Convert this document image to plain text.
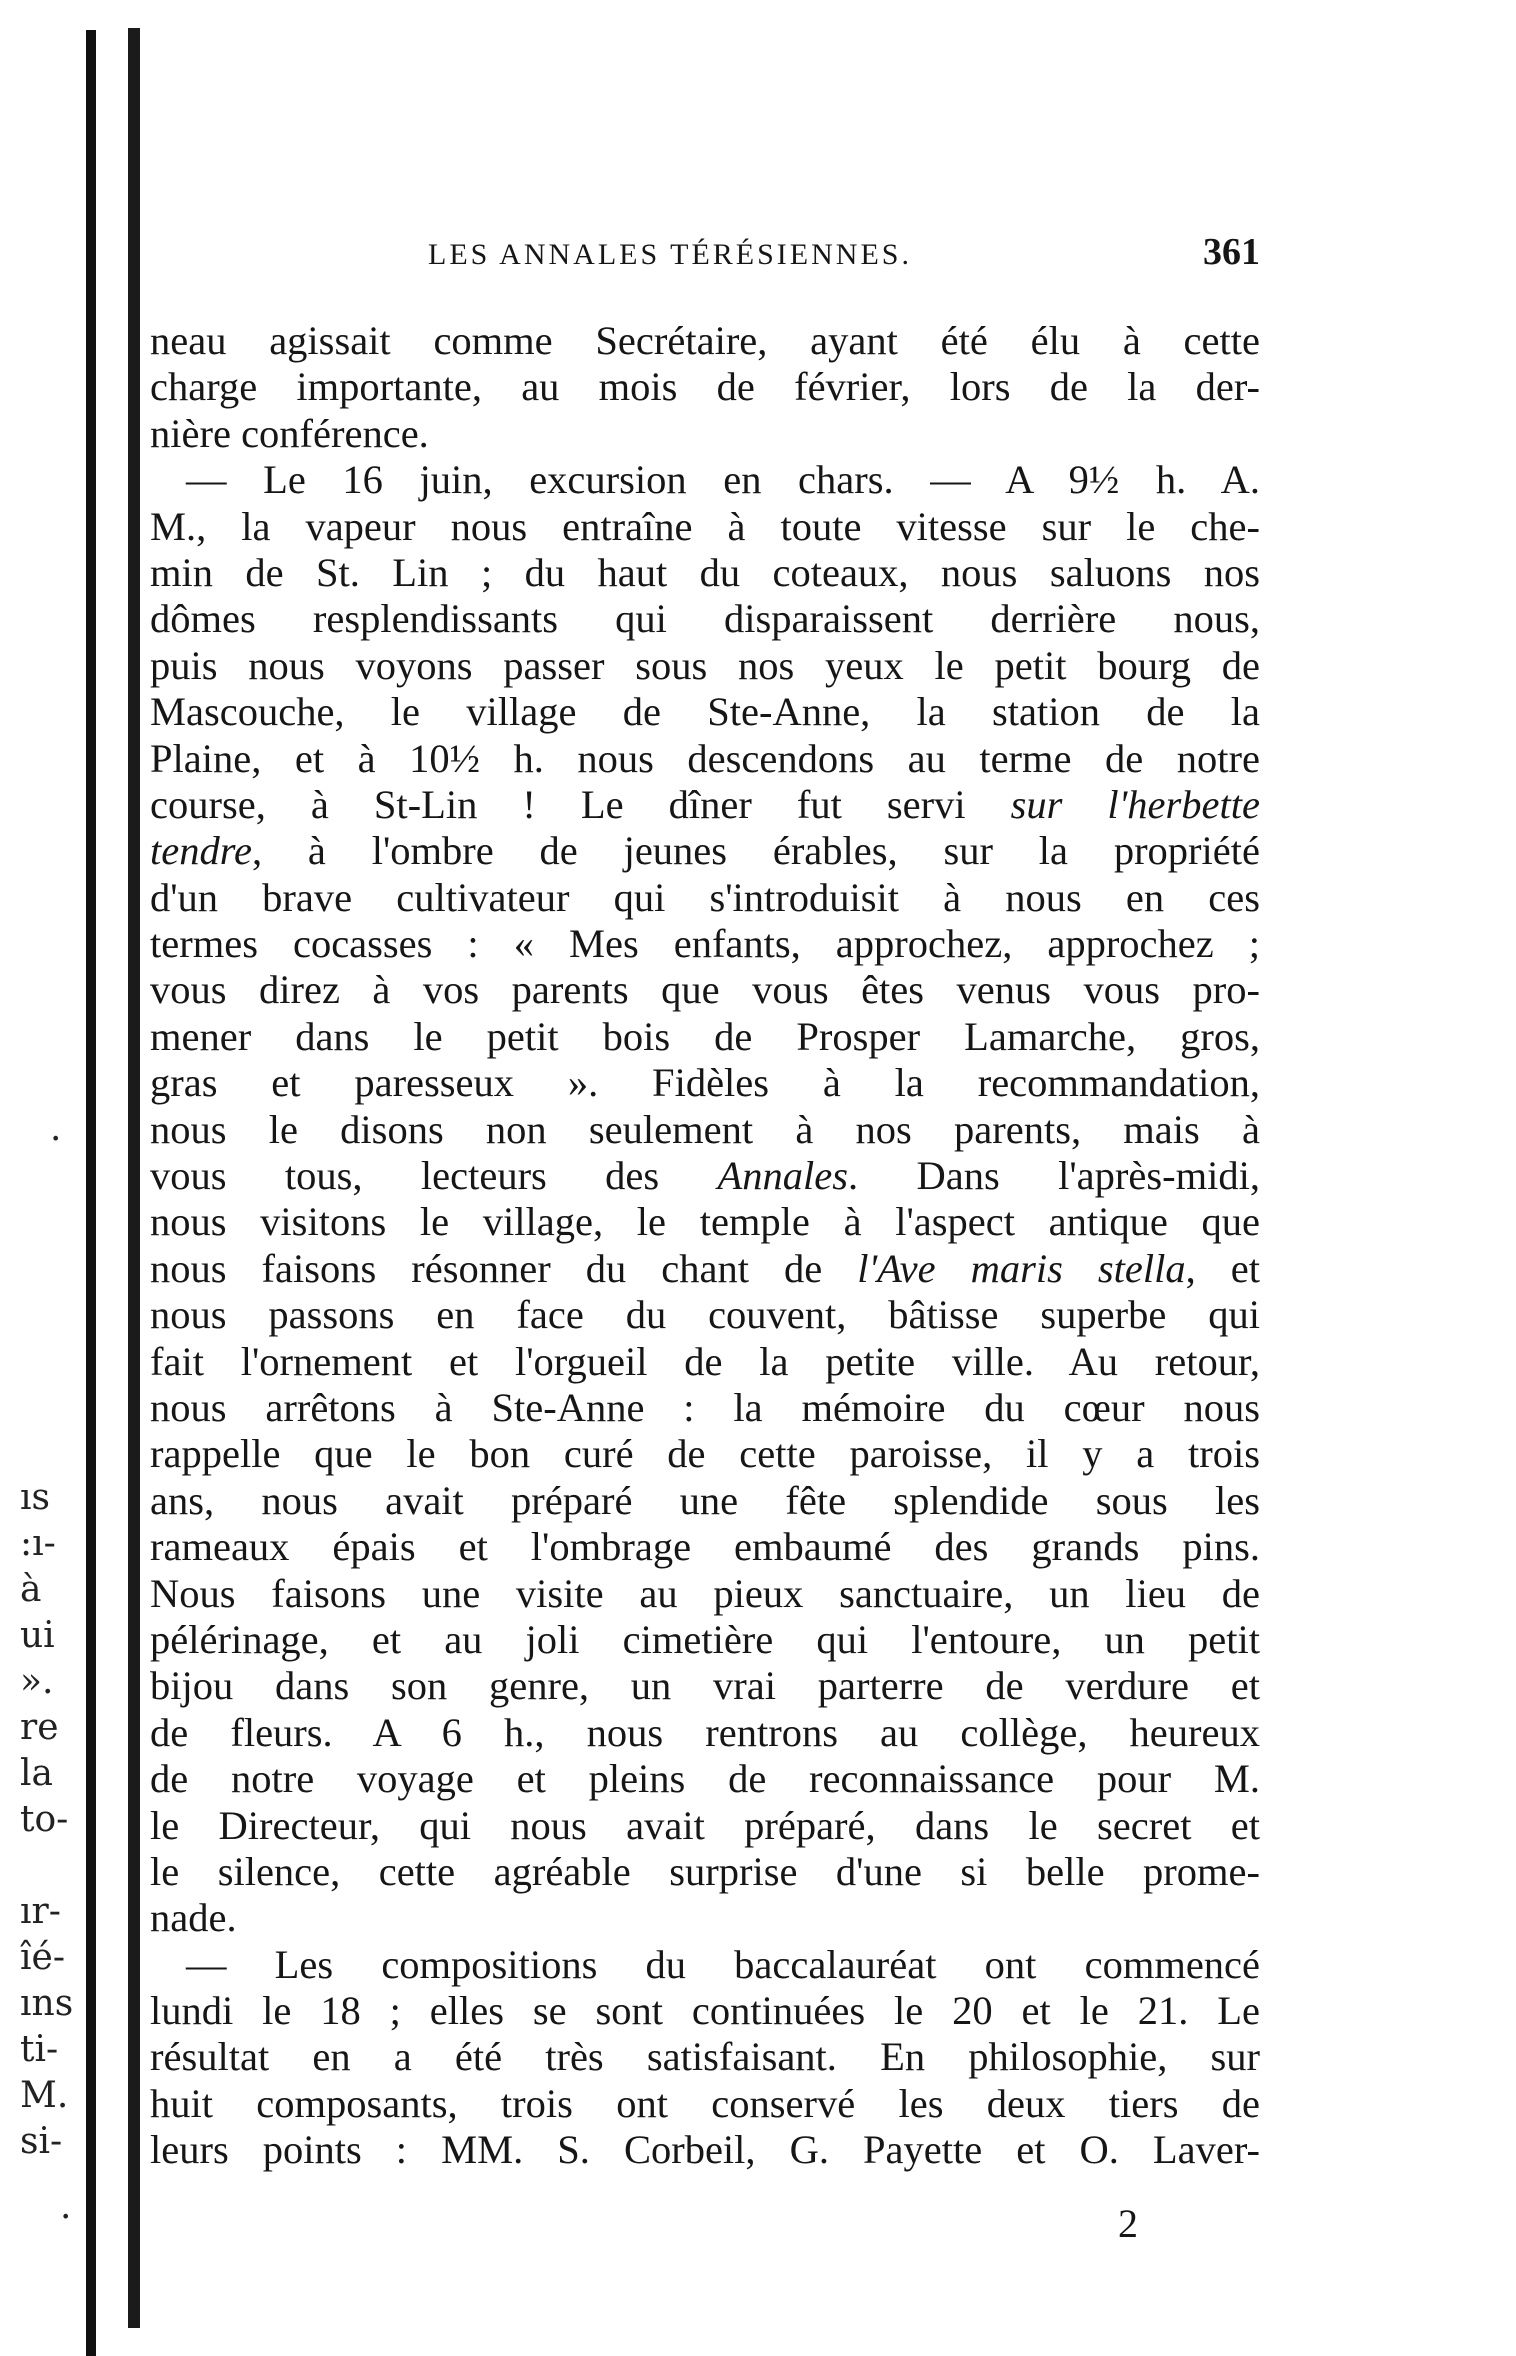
ıs
:ı-
à
ui
».
re
la
to-
ır-
îé-
ıns
ti-
M.
si-
·
·
LES ANNALES TÉRÉSIENNES.	361
neau agissait comme Secrétaire, ayant été élu à cette
charge importante, au mois de février, lors de la der-
nière conférence.
— Le 16 juin, excursion en chars. — A 9½ h. A.
M., la vapeur nous entraîne à toute vitesse sur le che-
min de St. Lin ; du haut du coteaux, nous saluons nos
dômes resplendissants qui disparaissent derrière nous,
puis nous voyons passer sous nos yeux le petit bourg de
Mascouche, le village de Ste-Anne, la station de la
Plaine, et à 10½ h. nous descendons au terme de notre
course, à St-Lin ! Le dîner fut servi sur l'herbette
tendre, à l'ombre de jeunes érables, sur la propriété
d'un brave cultivateur qui s'introduisit à nous en ces
termes cocasses : « Mes enfants, approchez, approchez ;
vous direz à vos parents que vous êtes venus vous pro-
mener dans le petit bois de Prosper Lamarche, gros,
gras et paresseux ». Fidèles à la recommandation,
nous le disons non seulement à nos parents, mais à
vous tous, lecteurs des Annales. Dans l'après-midi,
nous visitons le village, le temple à l'aspect antique que
nous faisons résonner du chant de l'Ave maris stella, et
nous passons en face du couvent, bâtisse superbe qui
fait l'ornement et l'orgueil de la petite ville. Au retour,
nous arrêtons à Ste-Anne : la mémoire du cœur nous
rappelle que le bon curé de cette paroisse, il y a trois
ans, nous avait préparé une fête splendide sous les
rameaux épais et l'ombrage embaumé des grands pins.
Nous faisons une visite au pieux sanctuaire, un lieu de
pélérinage, et au joli cimetière qui l'entoure, un petit
bijou dans son genre, un vrai parterre de verdure et
de fleurs. A 6 h., nous rentrons au collège, heureux
de notre voyage et pleins de reconnaissance pour M.
le Directeur, qui nous avait préparé, dans le secret et
le silence, cette agréable surprise d'une si belle prome-
nade.
— Les compositions du baccalauréat ont commencé
lundi le 18 ; elles se sont continuées le 20 et le 21. Le
résultat en a été très satisfaisant. En philosophie, sur
huit composants, trois ont conservé les deux tiers de
leurs points : MM. S. Corbeil, G. Payette et O. Laver-
2
